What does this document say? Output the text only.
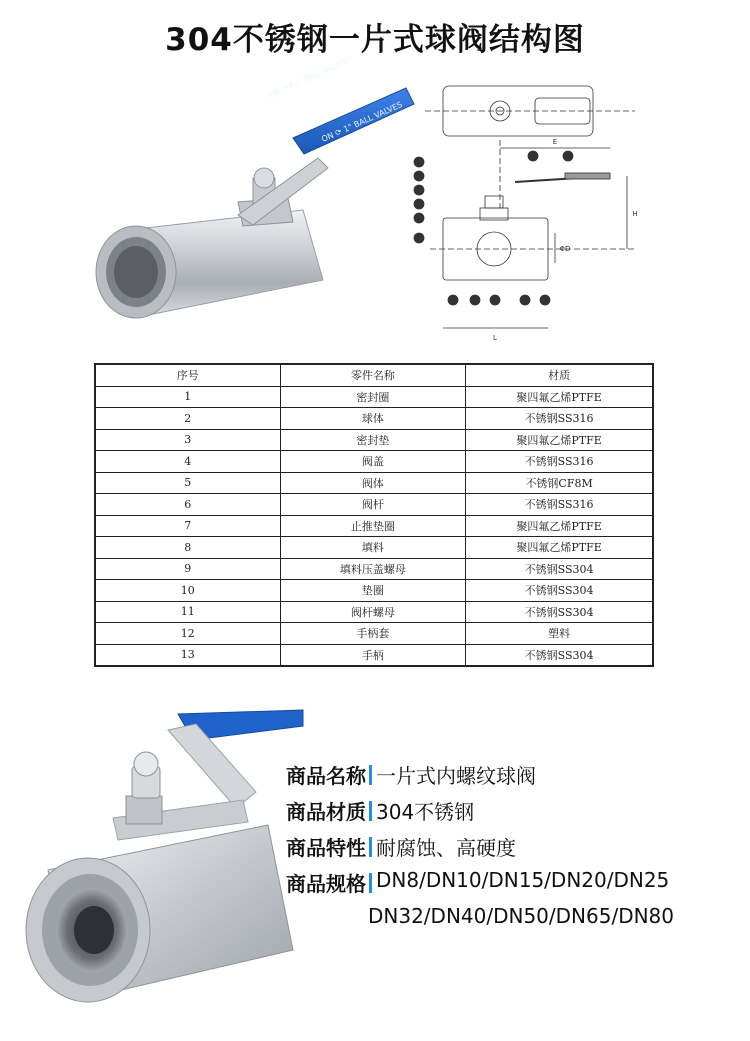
304不锈钢一片式球阀结构图
ON ⟳ 1" BALL VALVES
11
10
9
8
7
6
12	13
4	3	1	2	5
E
H
ΦD
L
序号	零件名称	材质
1	密封圈	聚四氟乙烯PTFE
2	球体	不锈钢SS316
3	密封垫	聚四氟乙烯PTFE
4	阀盖	不锈钢SS316
5	阀体	不锈钢CF8M
6	阀杆	不锈钢SS316
7	止推垫圈	聚四氟乙烯PTFE
8	填料	聚四氟乙烯PTFE
9	填料压盖螺母	不锈钢SS304
10	垫圈	不锈钢SS304
11	阀杆螺母	不锈钢SS304
12	手柄套	塑料
13	手柄	不锈钢SS304
商品名称 一片式内螺纹球阀
商品材质 304不锈钢
商品特性 耐腐蚀、高硬度
商品规格 DN8/DN10/DN15/DN20/DN25
DN32/DN40/DN50/DN65/DN80
ON OFF 1" BALL VALVES
